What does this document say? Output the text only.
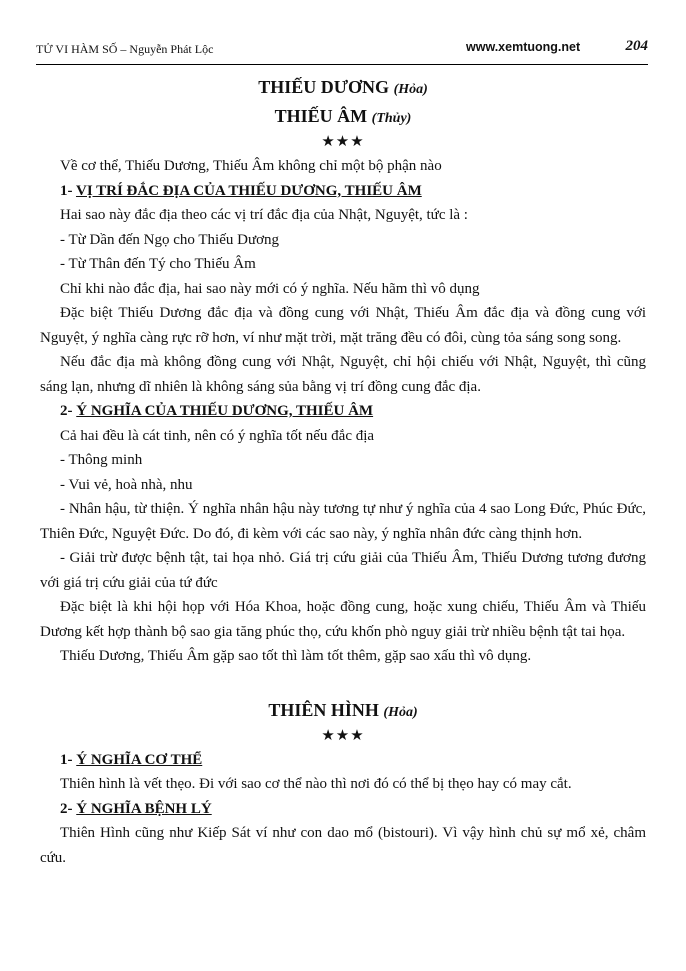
TỬ VI HÀM SỐ – Nguyễn Phát Lộc	www.xemtuong.net	204
THIẾU DƯƠNG (Hỏa)
THIẾU ÂM (Thủy)
★★★

Về cơ thể, Thiếu Dương, Thiếu Âm không chỉ một bộ phận nào

1- VỊ TRÍ ĐẮC ĐỊA CỦA THIẾU DƯƠNG, THIẾU ÂM

Hai sao này đắc địa theo các vị trí đắc địa của Nhật, Nguyệt, tức là :

- Từ Dần đến Ngọ cho Thiếu Dương

- Từ Thân đến Tý cho Thiếu Âm

Chỉ khi nào đắc địa, hai sao này mới có ý nghĩa. Nếu hãm thì vô dụng

Đặc biệt Thiếu Dương đắc địa và đồng cung với Nhật, Thiếu Âm đắc địa và đồng cung với Nguyệt, ý nghĩa càng rực rỡ hơn, ví như mặt trời, mặt trăng đều có đôi, cùng tỏa sáng song song.

Nếu đắc địa mà không đồng cung với Nhật, Nguyệt, chỉ hội chiếu với Nhật, Nguyệt, thì cũng sáng lạn, nhưng dĩ nhiên là không sáng sủa bằng vị trí đồng cung đắc địa.

2- Ý NGHĨA CỦA THIẾU DƯƠNG, THIẾU ÂM

Cả hai đều là cát tinh, nên có ý nghĩa tốt nếu đắc địa

- Thông minh

- Vui vẻ, hoà nhà, nhu

- Nhân hậu, từ thiện. Ý nghĩa nhân hậu này tương tự như ý nghĩa của 4 sao Long Đức, Phúc Đức, Thiên Đức, Nguyệt Đức. Do đó, đi kèm với các sao này, ý nghĩa nhân đức càng thịnh hơn.

- Giải trừ được bệnh tật, tai họa nhỏ. Giá trị cứu giải của Thiếu Âm, Thiếu Dương tương đương với giá trị cứu giải của tứ đức

Đặc biệt là khi hội họp với Hóa Khoa, hoặc đồng cung, hoặc xung chiếu, Thiếu Âm và Thiếu Dương kết hợp thành bộ sao gia tăng phúc thọ, cứu khốn phò nguy giải trừ nhiều bệnh tật tai họa.

Thiếu Dương, Thiếu Âm gặp sao tốt thì làm tốt thêm, gặp sao xấu thì vô dụng.

THIÊN HÌNH (Hỏa)
★★★

1- Ý NGHĨA CƠ THỂ

Thiên hình là vết thẹo. Đi với sao cơ thể nào thì nơi đó có thể bị thẹo hay có may cắt.

2- Ý NGHĨA BỆNH LÝ

Thiên Hình cũng như Kiếp Sát ví như con dao mổ (bistouri). Vì vậy hình chủ sự mổ xẻ, châm cứu.
